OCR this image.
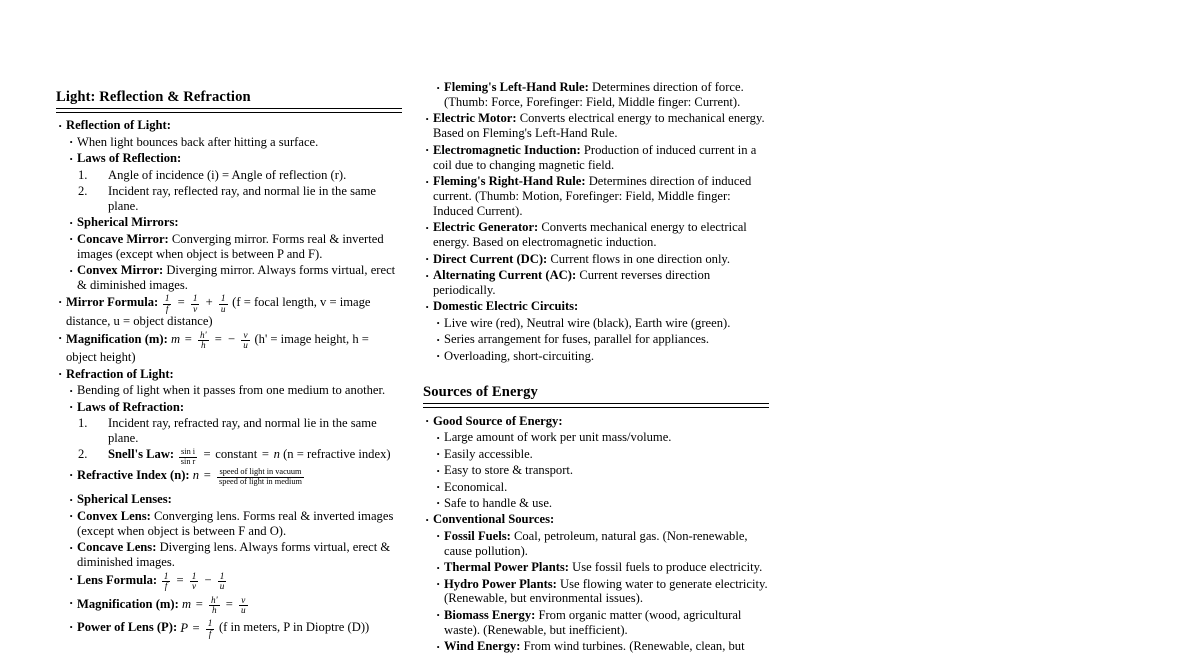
Light: Reflection & Refraction
· Reflection of Light:
· When light bounces back after hitting a surface.
· Laws of Reflection:
1. Angle of incidence (i) = Angle of reflection (r).
2. Incident ray, reflected ray, and normal lie in the same plane.
· Spherical Mirrors:
· Concave Mirror: Converging mirror. Forms real & inverted images (except when object is between P and F).
· Convex Mirror: Diverging mirror. Always forms virtual, erect & diminished images.
· Mirror Formula: $\frac{1}{f} = \frac{1}{v} + \frac{1}{u} (f$ = focal length, v = image distance, u = object distance)
· Magnification (m): $m = \frac{h'}{h}$ = − $\frac{v}{u} (h'$ = image height, h = object height)
· Refraction of Light:
· Bending of light when it passes from one medium to another.
· Laws of Refraction:
1. Incident ray, refracted ray, and normal lie in the same plane.
2. Snell's Law: $\frac{\text{sin i}}{\text{sin r}}$ = constant = n (n = refractive index)
· Refractive Index (n): $n = \frac{\text{speed of light in vacuum}}{\text{speed of light in medium}}$
· Spherical Lenses:
· Convex Lens: Converging lens. Forms real & inverted images (except when object is between F and O).
· Concave Lens: Diverging lens. Always forms virtual, erect & diminished images.
· Lens Formula: $\frac{1}{f} = \frac{1}{v} - \frac{1}{u}$
· Magnification (m): $m = \frac{h'}{h} = \frac{v}{u}$
· Power of Lens (P): $P = \frac{1}{f} (f$ in meters, P in Dioptre (D))
· Fleming's Left-Hand Rule: Determines direction of force. (Thumb: Force, Forefinger: Field, Middle finger: Current).
· Electric Motor: Converts electrical energy to mechanical energy. Based on Fleming's Left-Hand Rule.
· Electromagnetic Induction: Production of induced current in a coil due to changing magnetic field.
· Fleming's Right-Hand Rule: Determines direction of induced current. (Thumb: Motion, Forefinger: Field, Middle finger: Induced Current).
· Electric Generator: Converts mechanical energy to electrical energy. Based on electromagnetic induction.
· Direct Current (DC): Current flows in one direction only.
· Alternating Current (AC): Current reverses direction periodically.
· Domestic Electric Circuits:
· Live wire (red), Neutral wire (black), Earth wire (green).
· Series arrangement for fuses, parallel for appliances.
· Overloading, short-circuiting.
Sources of Energy
· Good Source of Energy:
· Large amount of work per unit mass/volume.
· Easily accessible.
· Easy to store & transport.
· Economical.
· Safe to handle & use.
· Conventional Sources:
· Fossil Fuels: Coal, petroleum, natural gas. (Non-renewable, cause pollution).
· Thermal Power Plants: Use fossil fuels to produce electricity.
· Hydro Power Plants: Use flowing water to generate electricity. (Renewable, but environmental issues).
· Biomass Energy: From organic matter (wood, agricultural waste). (Renewable, but inefficient).
· Wind Energy: From wind turbines. (Renewable, clean, but
